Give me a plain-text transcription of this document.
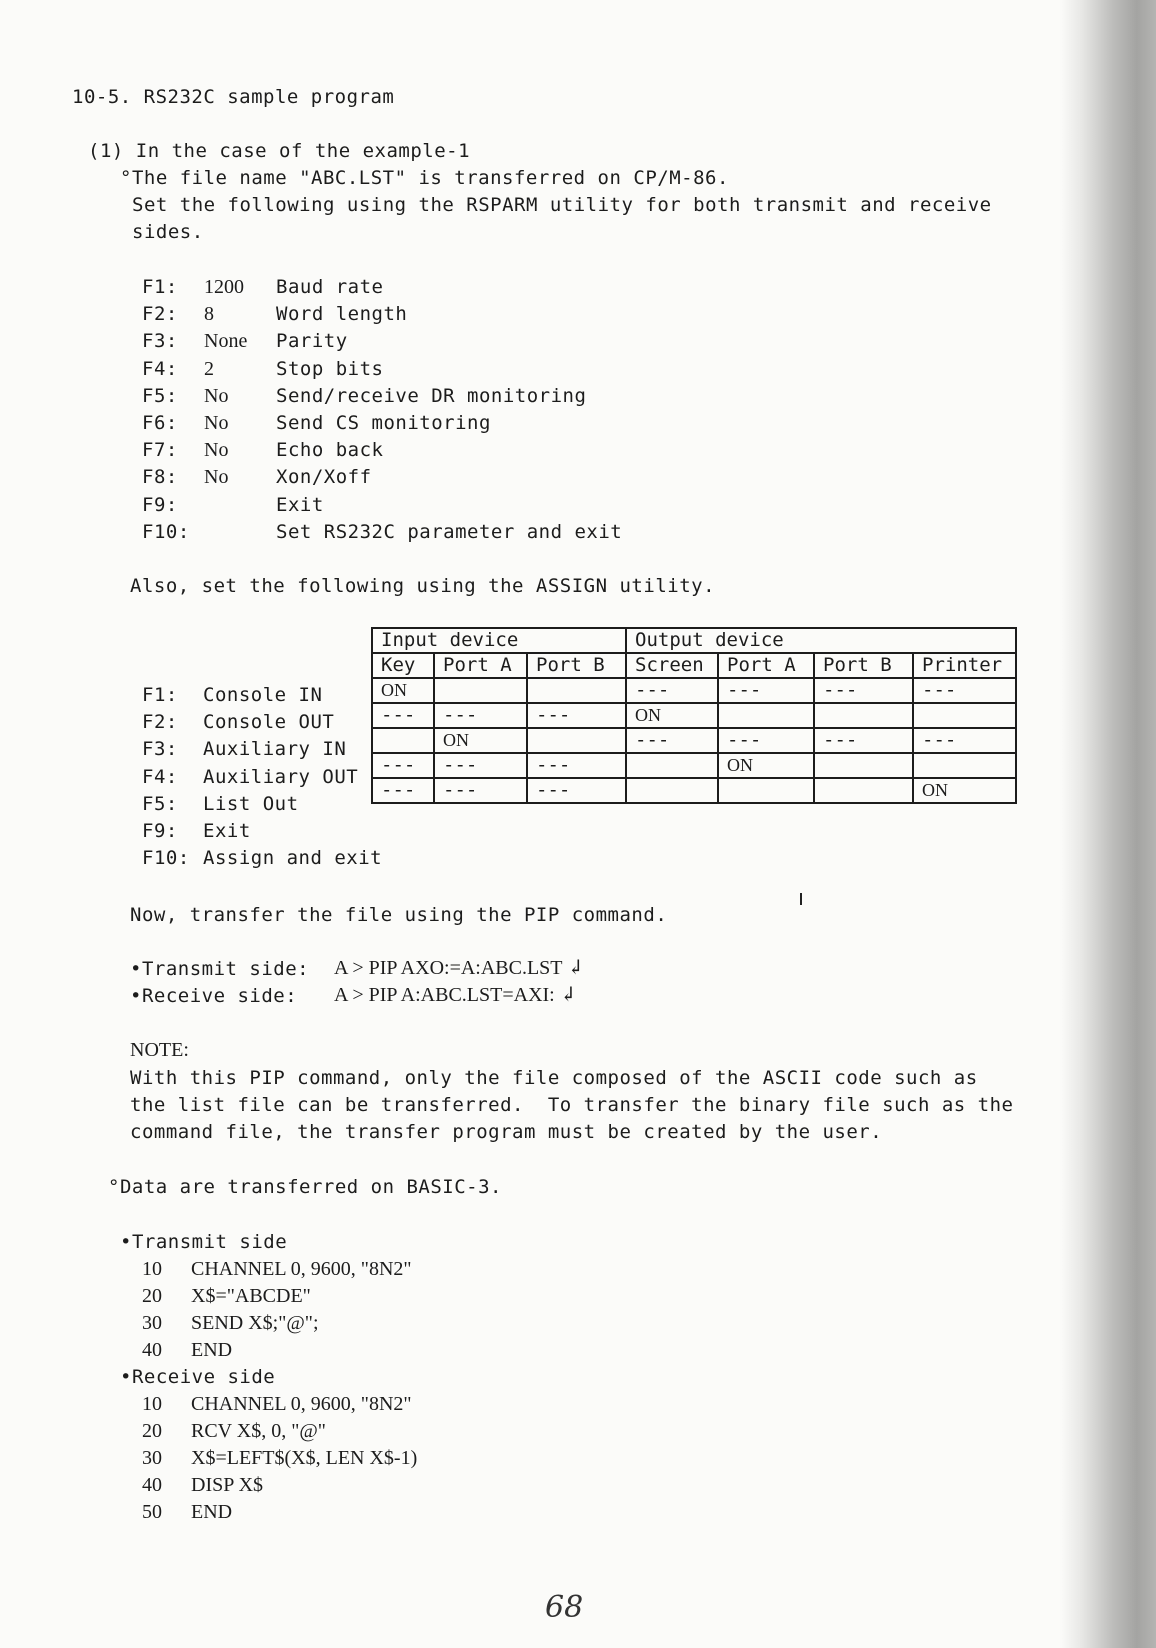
10-5. RS232C sample program
(1) In the case of the example-1
°The file name "ABC.LST" is transferred on CP/M-86.
Set the following using the RSPARM utility for both transmit and receive
sides.
F1: 1200 Baud rate
F2: 8	Word length
F3: None Parity
F4: 2	Stop bits
F5: No	Send/receive DR monitoring
F6: No	Send CS monitoring
F7: No	Echo back
F8: No	Xon/Xoff
F9:	Exit
F10:	Set RS232C parameter and exit
Also, set the following using the ASSIGN utility.
F1: Console IN
F2: Console OUT
F3: Auxiliary IN
F4: Auxiliary OUT
F5: List Out
F9: Exit
F10: Assign and exit
Input device			Output device			
Key	Port A	Port B	Screen	Port A	Port B	Printer
ON			---	---	---	---
---	---	---	ON			
	ON		---	---	---	---
---	---	---		ON		
---	---	---				ON
Now, transfer the file using the PIP command.
•Transmit side: A > PIP AXO:=A:ABC.LST ↲
•Receive side: A > PIP A:ABC.LST=AXI: ↲
NOTE:
With this PIP command, only the file composed of the ASCII code such as
the list file can be transferred.  To transfer the binary file such as the
command file, the transfer program must be created by the user.
°Data are transferred on BASIC-3.
•Transmit side
10 CHANNEL 0, 9600, "8N2"
20 X$="ABCDE"
30 SEND X$;"@";
40 END
•Receive side
10 CHANNEL 0, 9600, "8N2"
20 RCV X$, 0, "@"
30 X$=LEFT$(X$, LEN X$-1)
40 DISP X$
50 END
68
